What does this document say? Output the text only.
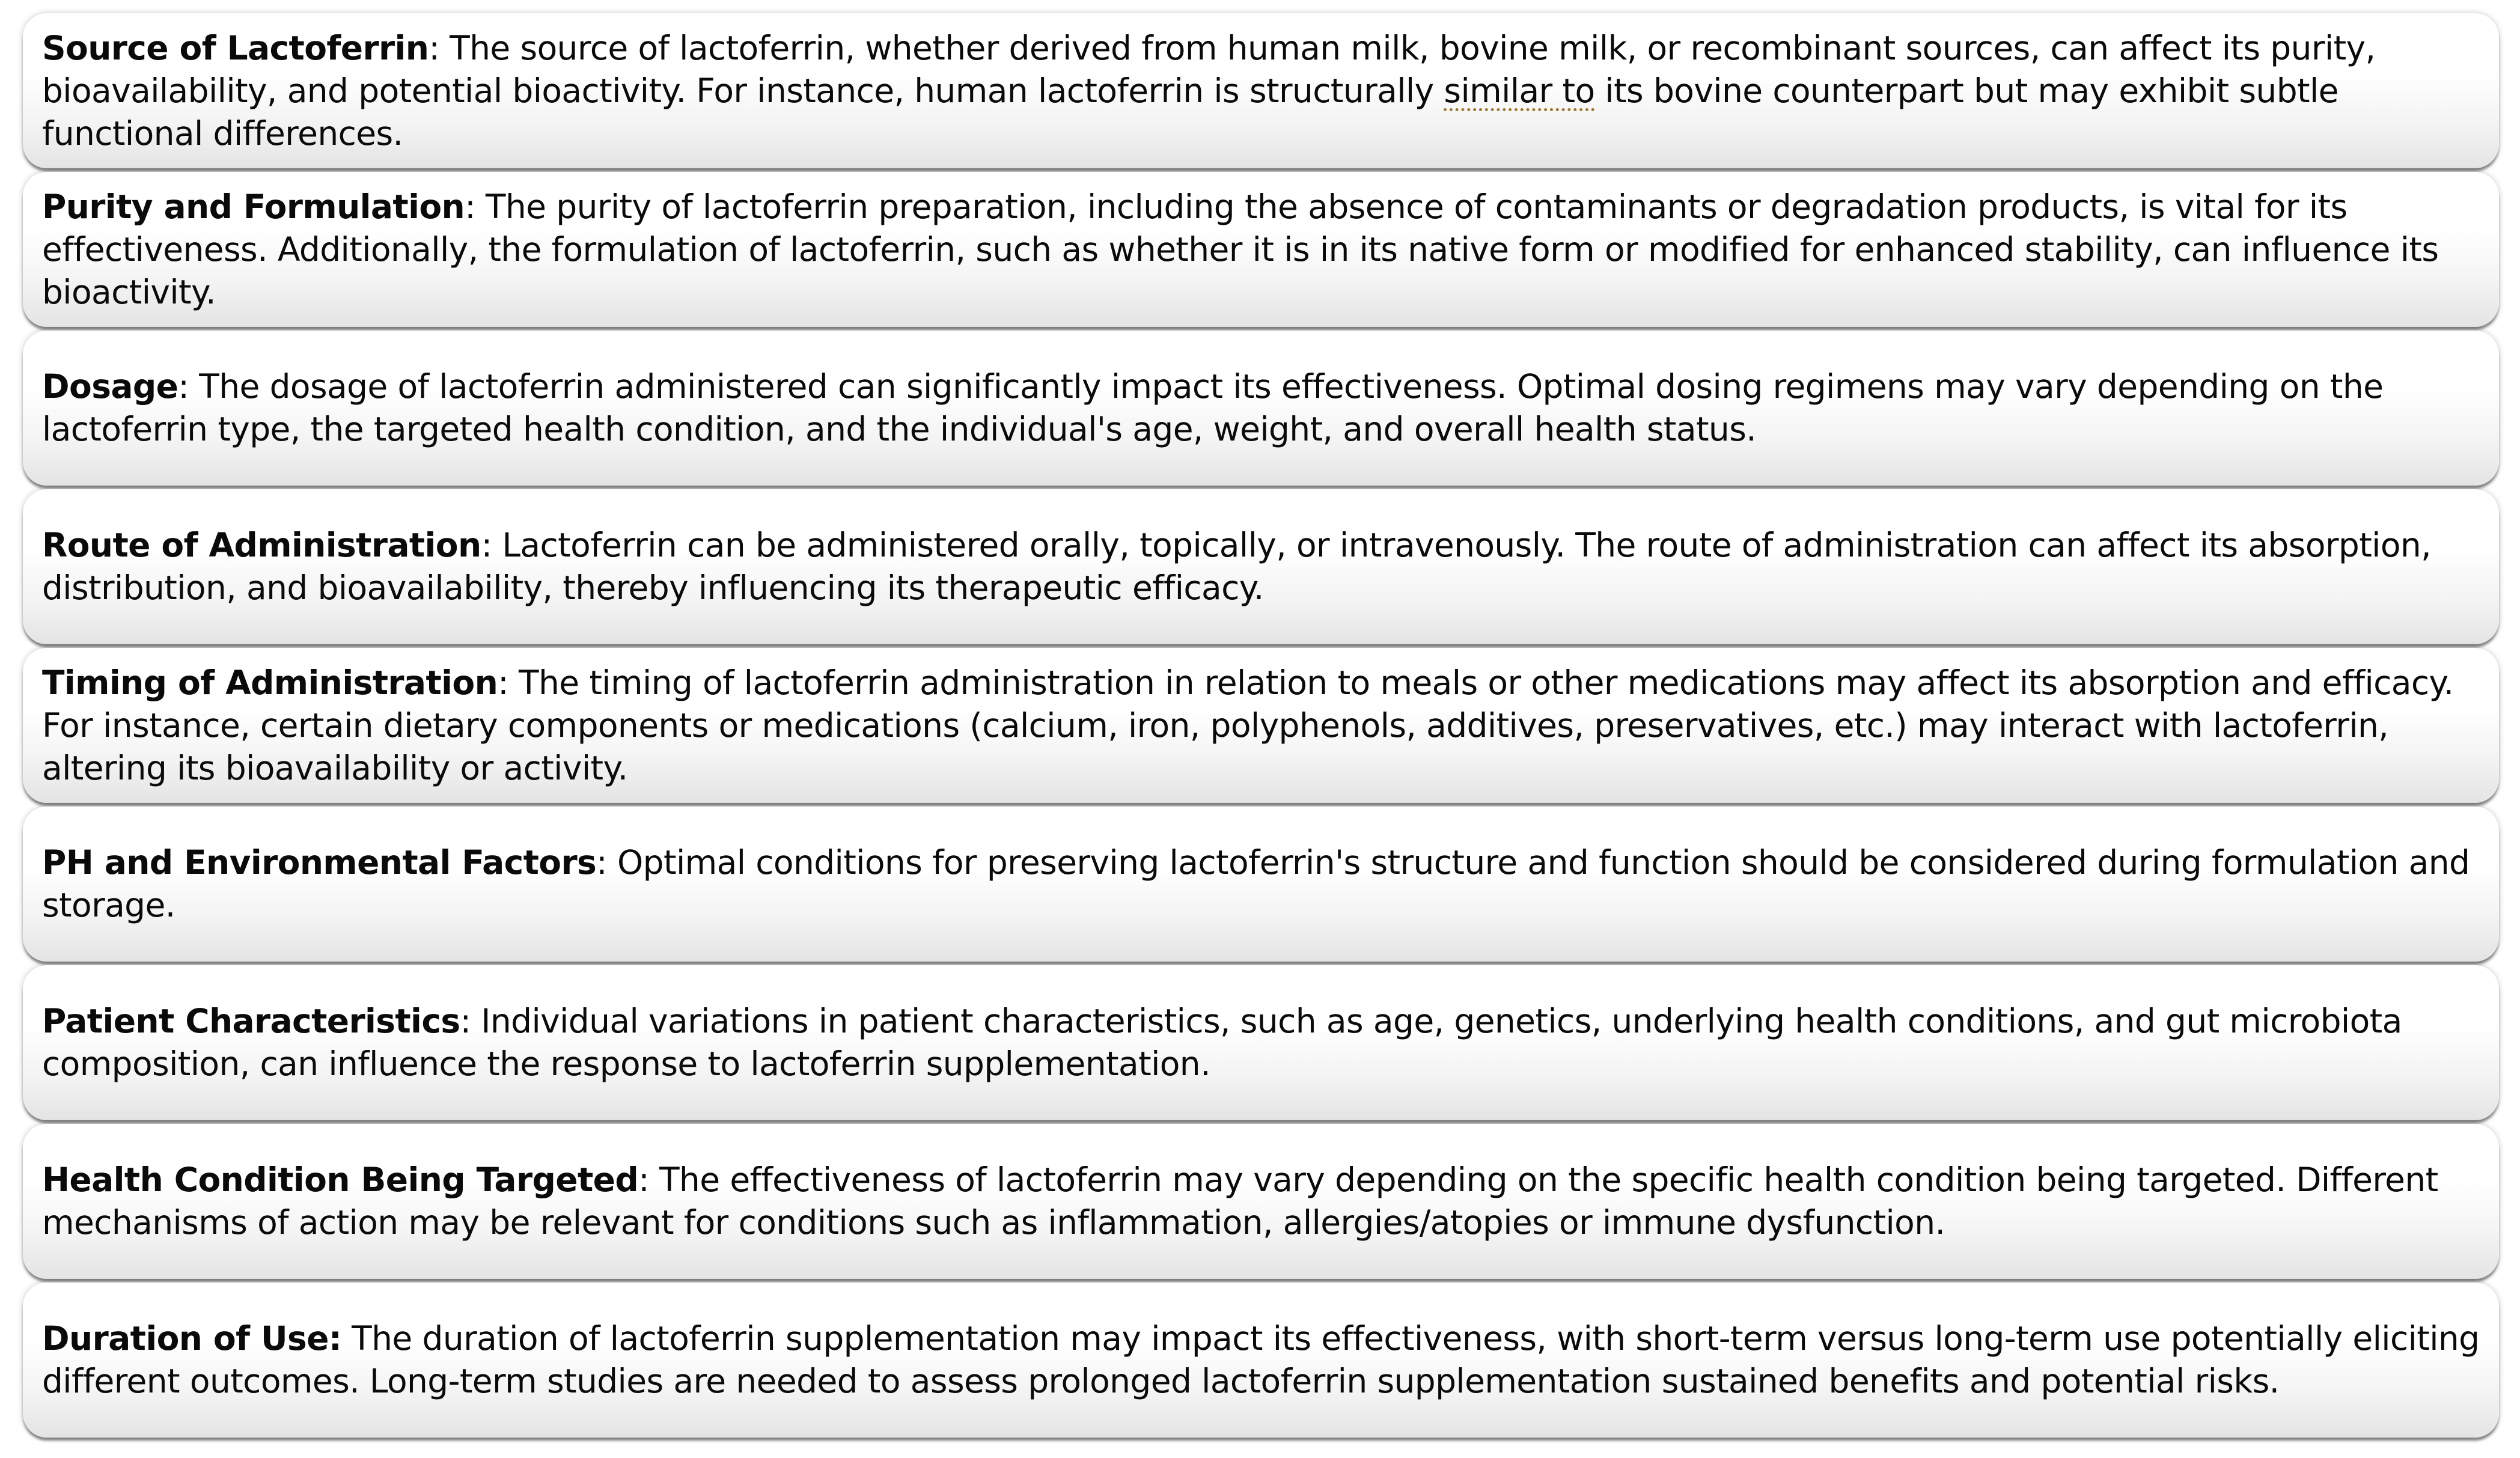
Source of Lactoferrin: The source of lactoferrin, whether derived from human milk, bovine milk, or recombinant sources, can affect its purity, bioavailability, and potential bioactivity. For instance, human lactoferrin is structurally similar to its bovine counterpart but may exhibit subtle functional differences.

Purity and Formulation: The purity of lactoferrin preparation, including the absence of contaminants or degradation products, is vital for its effectiveness. Additionally, the formulation of lactoferrin, such as whether it is in its native form or modified for enhanced stability, can influence its bioactivity.

Dosage: The dosage of lactoferrin administered can significantly impact its effectiveness. Optimal dosing regimens may vary depending on the lactoferrin type, the targeted health condition, and the individual's age, weight, and overall health status.

Route of Administration: Lactoferrin can be administered orally, topically, or intravenously. The route of administration can affect its absorption, distribution, and bioavailability, thereby influencing its therapeutic efficacy.

Timing of Administration: The timing of lactoferrin administration in relation to meals or other medications may affect its absorption and efficacy. For instance, certain dietary components or medications (calcium, iron, polyphenols, additives, preservatives, etc.) may interact with lactoferrin, altering its bioavailability or activity.

PH and Environmental Factors: Optimal conditions for preserving lactoferrin's structure and function should be considered during formulation and storage.

Patient Characteristics: Individual variations in patient characteristics, such as age, genetics, underlying health conditions, and gut microbiota composition, can influence the response to lactoferrin supplementation.

Health Condition Being Targeted: The effectiveness of lactoferrin may vary depending on the specific health condition being targeted. Different mechanisms of action may be relevant for conditions such as inflammation, allergies/atopies or immune dysfunction.

Duration of Use: The duration of lactoferrin supplementation may impact its effectiveness, with short-term versus long-term use potentially eliciting different outcomes. Long-term studies are needed to assess prolonged lactoferrin supplementation sustained benefits and potential risks.
